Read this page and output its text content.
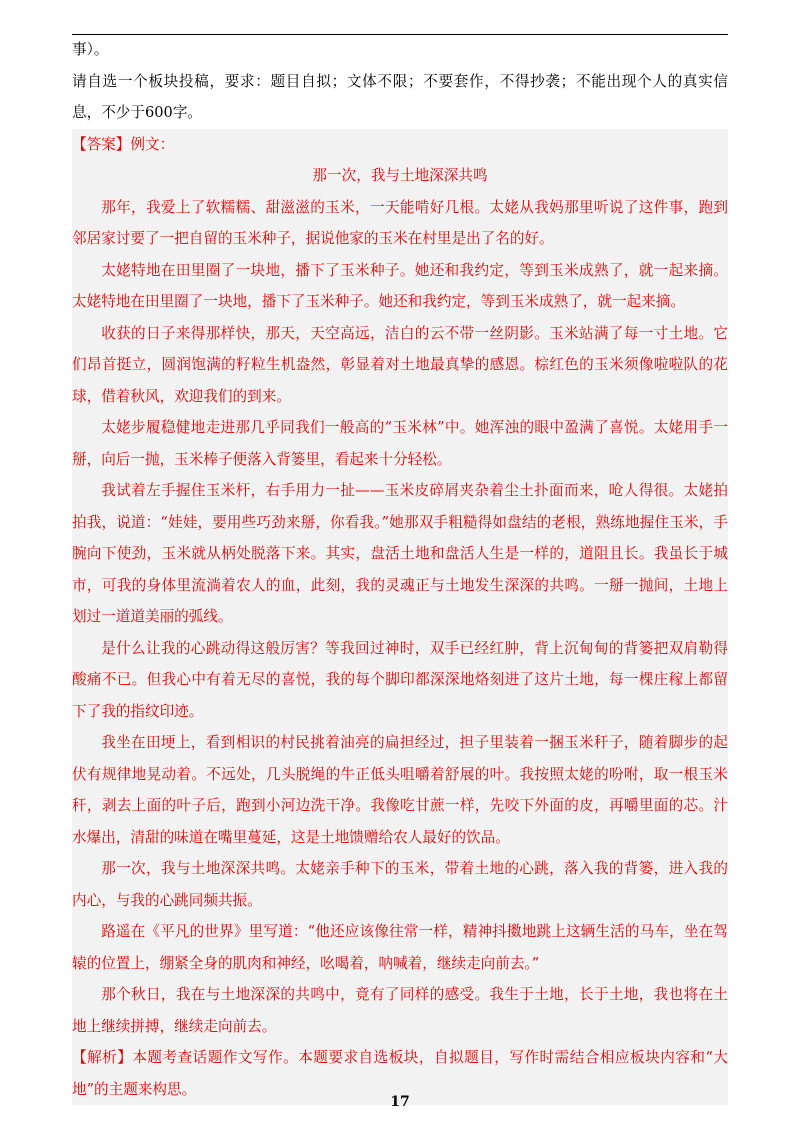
事）。

请自选一个板块投稿，要求：题目自拟；文体不限；不要套作，不得抄袭；不能出现个人的真实信息，不少于600字。

【答案】例文：

那一次，我与土地深深共鸣

那年，我爱上了软糯糯、甜滋滋的玉米，一天能啃好几根。太姥从我妈那里听说了这件事，跑到邻居家讨要了一把自留的玉米种子，据说他家的玉米在村里是出了名的好。

太姥特地在田里圈了一块地，播下了玉米种子。她还和我约定，等到玉米成熟了，就一起来摘。太姥特地在田里圈了一块地，播下了玉米种子。她还和我约定，等到玉米成熟了，就一起来摘。

收获的日子来得那样快，那天，天空高远，洁白的云不带一丝阴影。玉米站满了每一寸土地。它们昂首挺立，圆润饱满的籽粒生机盎然，彰显着对土地最真挚的感恩。棕红色的玉米须像啦啦队的花球，借着秋风，欢迎我们的到来。

太姥步履稳健地走进那几乎同我们一般高的“玉米林”中。她浑浊的眼中盈满了喜悦。太姥用手一掰，向后一抛，玉米棒子便落入背篓里，看起来十分轻松。

我试着左手握住玉米杆，右手用力一扯——玉米皮碎屑夹杂着尘土扑面而来，呛人得很。太姥拍拍我，说道：“娃娃，要用些巧劲来掰，你看我。”她那双手粗糙得如盘结的老根，熟练地握住玉米，手腕向下使劲，玉米就从柄处脱落下来。其实，盘活土地和盘活人生是一样的，道阻且长。我虽长于城市，可我的身体里流淌着农人的血，此刻，我的灵魂正与土地发生深深的共鸣。一掰一抛间，土地上划过一道道美丽的弧线。

是什么让我的心跳动得这般厉害？等我回过神时，双手已经红肿，背上沉甸甸的背篓把双肩勒得酸痛不已。但我心中有着无尽的喜悦，我的每个脚印都深深地烙刻进了这片土地，每一棵庄稼上都留下了我的指纹印迹。

我坐在田埂上，看到相识的村民挑着油亮的扁担经过，担子里装着一捆玉米秆子，随着脚步的起伏有规律地晃动着。不远处，几头脱绳的牛正低头咀嚼着舒展的叶。我按照太姥的吩咐，取一根玉米秆，剥去上面的叶子后，跑到小河边洗干净。我像吃甘蔗一样，先咬下外面的皮，再嚼里面的芯。汁水爆出，清甜的味道在嘴里蔓延，这是土地馈赠给农人最好的饮品。

那一次，我与土地深深共鸣。太姥亲手种下的玉米，带着土地的心跳，落入我的背篓，进入我的内心，与我的心跳同频共振。

路遥在《平凡的世界》里写道：“他还应该像往常一样，精神抖擞地跳上这辆生活的马车，坐在驾辕的位置上，绷紧全身的肌肉和神经，吆喝着，呐喊着，继续走向前去。”

那个秋日，我在与土地深深的共鸣中，竟有了同样的感受。我生于土地，长于土地，我也将在土地上继续拼搏，继续走向前去。

【解析】本题考查话题作文写作。本题要求自选板块，自拟题目，写作时需结合相应板块内容和“大地”的主题来构思。

17
